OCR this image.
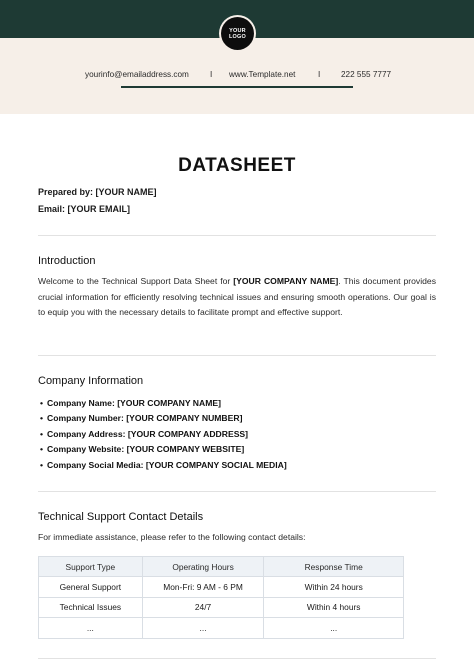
YOUR
LOGO
yourinfo@emailaddress.com	I www.Template.net	I	222 555 7777
DATASHEET
Prepared by: [YOUR NAME]
Email: [YOUR EMAIL]
Introduction

Welcome to the Technical Support Data Sheet for [YOUR COMPANY NAME]. This document provides crucial information for efficiently resolving technical issues and ensuring smooth operations. Our goal is to equip you with the necessary details to facilitate prompt and effective support.

Company Information
• Company Name: [YOUR COMPANY NAME]
• Company Number: [YOUR COMPANY NUMBER]
• Company Address: [YOUR COMPANY ADDRESS]
• Company Website: [YOUR COMPANY WEBSITE]
• Company Social Media: [YOUR COMPANY SOCIAL MEDIA]
Technical Support Contact Details
For immediate assistance, please refer to the following contact details:
Support Type	Operating Hours	Response Time
General Support	Mon-Fri: 9 AM - 6 PM	Within 24 hours
Technical Issues	24/7	Within 4 hours
...	...	...
